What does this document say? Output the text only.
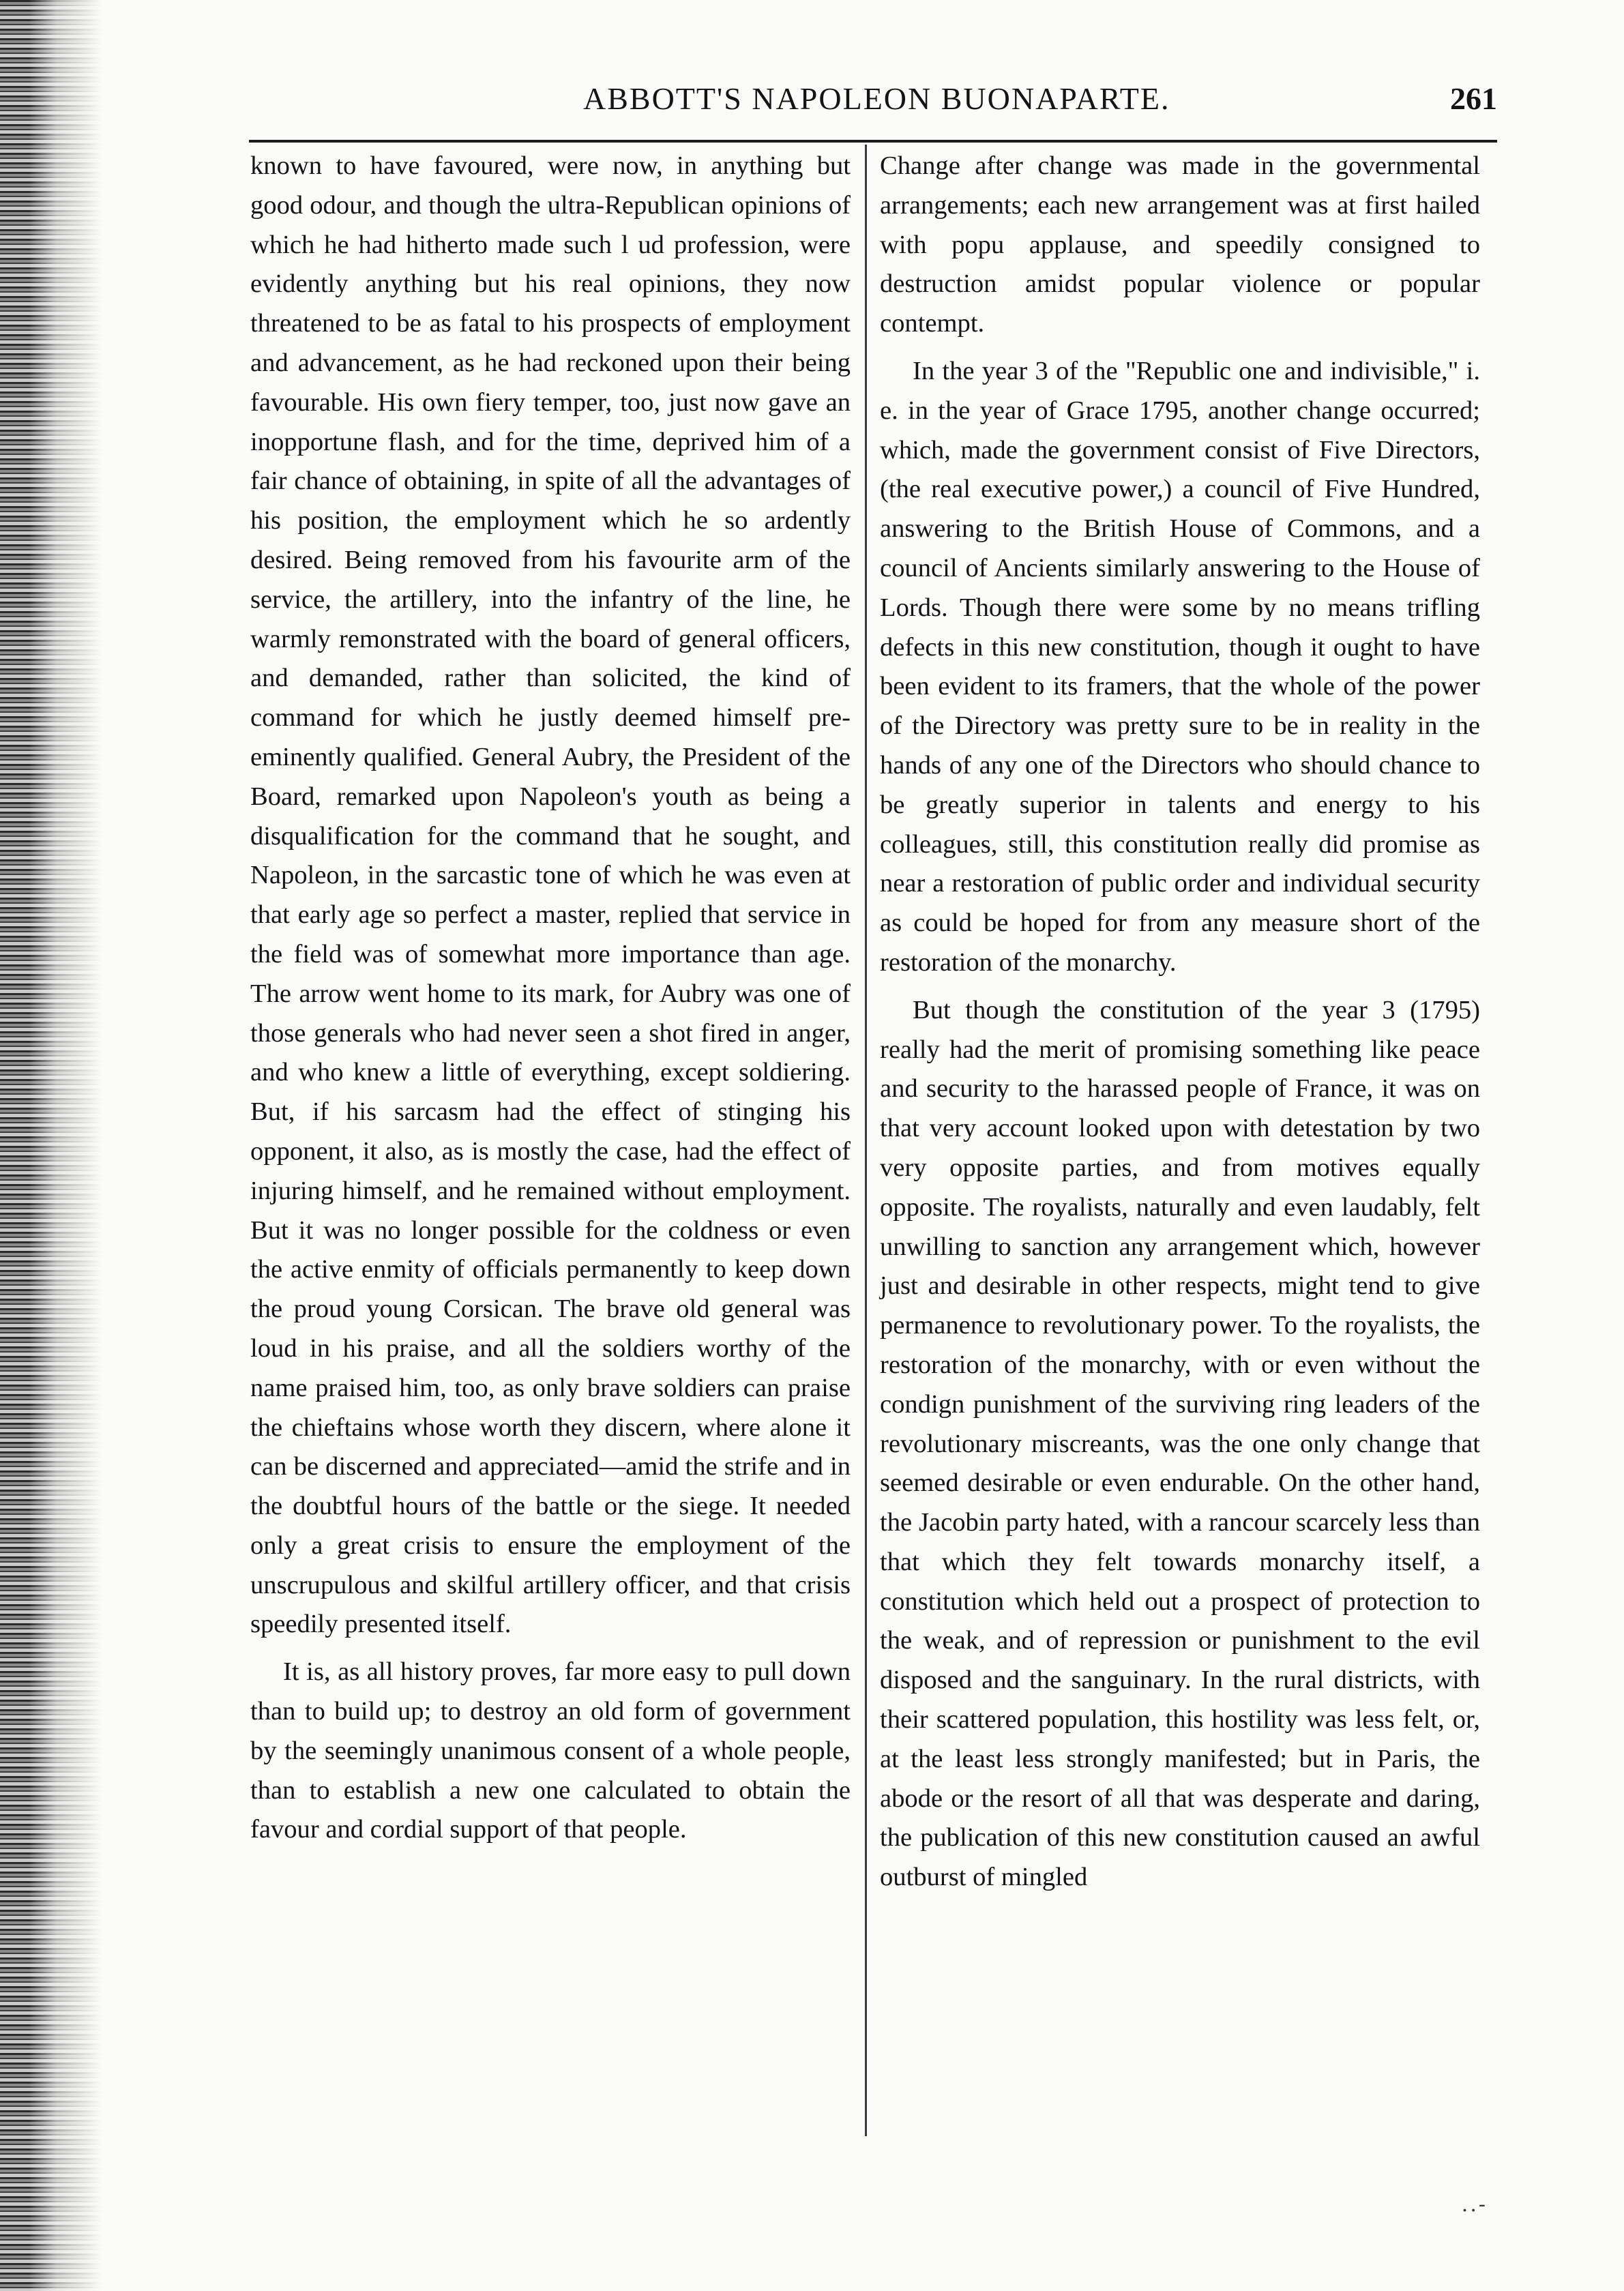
ABBOTT'S NAPOLEON BUONAPARTE.	261

known to have favoured, were now, in anything but good odour, and though the ultra-Republican opinions of which he had hitherto made such l ud profession, were evidently anything but his real opinions, they now threatened to be as fatal to his prospects of employment and advancement, as he had reckoned upon their being favourable. His own fiery temper, too, just now gave an inopportune flash, and for the time, deprived him of a fair chance of obtaining, in spite of all the advantages of his position, the employment which he so ardently desired. Being removed from his favourite arm of the service, the artillery, into the infantry of the line, he warmly remonstrated with the board of general officers, and demanded, rather than solicited, the kind of command for which he justly deemed himself pre-eminently qualified. General Aubry, the President of the Board, remarked upon Napoleon's youth as being a disqualification for the command that he sought, and Napoleon, in the sarcastic tone of which he was even at that early age so perfect a master, replied that service in the field was of somewhat more importance than age. The arrow went home to its mark, for Aubry was one of those generals who had never seen a shot fired in anger, and who knew a little of everything, except soldiering. But, if his sarcasm had the effect of stinging his opponent, it also, as is mostly the case, had the effect of injuring himself, and he remained without employment. But it was no longer possible for the coldness or even the active enmity of officials permanently to keep down the proud young Corsican. The brave old general was loud in his praise, and all the soldiers worthy of the name praised him, too, as only brave soldiers can praise the chieftains whose worth they discern, where alone it can be discerned and appreciated—amid the strife and in the doubtful hours of the battle or the siege. It needed only a great crisis to ensure the employment of the unscrupulous and skilful artillery officer, and that crisis speedily presented itself.

It is, as all history proves, far more easy to pull down than to build up; to destroy an old form of government by the seemingly unanimous consent of a whole people, than to establish a new one calculated to obtain the favour and cordial support of that people.

Change after change was made in the governmental arrangements; each new arrangement was at first hailed with popu applause, and speedily consigned to destruction amidst popular violence or popular contempt.

In the year 3 of the "Republic one and indivisible," i. e. in the year of Grace 1795, another change occurred; which, made the government consist of Five Directors, (the real executive power,) a council of Five Hundred, answering to the British House of Commons, and a council of Ancients similarly answering to the House of Lords. Though there were some by no means trifling defects in this new constitution, though it ought to have been evident to its framers, that the whole of the power of the Directory was pretty sure to be in reality in the hands of any one of the Directors who should chance to be greatly superior in talents and energy to his colleagues, still, this constitution really did promise as near a restoration of public order and individual security as could be hoped for from any measure short of the restoration of the monarchy.

But though the constitution of the year 3 (1795) really had the merit of promising something like peace and security to the harassed people of France, it was on that very account looked upon with detestation by two very opposite parties, and from motives equally opposite. The royalists, naturally and even laudably, felt unwilling to sanction any arrangement which, however just and desirable in other respects, might tend to give permanence to revolutionary power. To the royalists, the restoration of the monarchy, with or even without the condign punishment of the surviving ring leaders of the revolutionary miscreants, was the one only change that seemed desirable or even endurable. On the other hand, the Jacobin party hated, with a rancour scarcely less than that which they felt towards monarchy itself, a constitution which held out a prospect of protection to the weak, and of repression or punishment to the evil disposed and the sanguinary. In the rural districts, with their scattered population, this hostility was less felt, or, at the least less strongly manifested; but in Paris, the abode or the resort of all that was desperate and daring, the publication of this new constitution caused an awful outburst of mingled

..-
